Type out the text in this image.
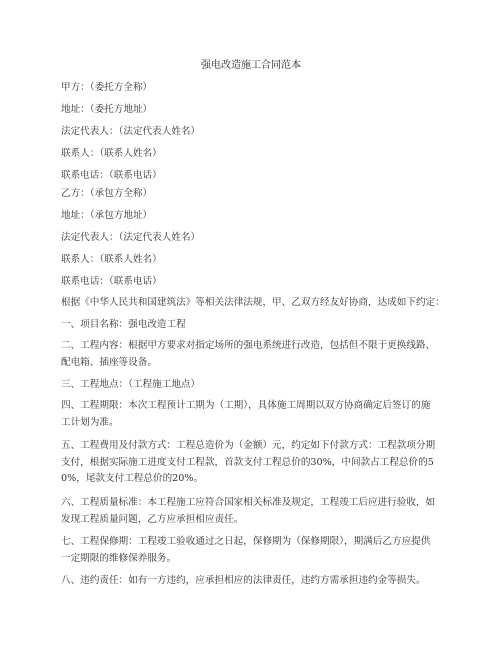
强电改造施工合同范本
甲方：（委托方全称）
地址：（委托方地址）
法定代表人：（法定代表人姓名）
联系人：（联系人姓名）
联系电话：（联系电话）
乙方：（承包方全称）
地址：（承包方地址）
法定代表人：（法定代表人姓名）
联系人：（联系人姓名）
联系电话：（联系电话）
根据《中华人民共和国建筑法》等相关法律法规，甲、乙双方经友好协商，达成如下约定：
一、项目名称：强电改造工程
二、工程内容：根据甲方要求对指定场所的强电系统进行改造，包括但不限于更换线路、配电箱、插座等设备。
三、工程地点：（工程施工地点）
四、工程期限：本次工程预计工期为（工期），具体施工周期以双方协商确定后签订的施工计划为准。
五、工程费用及付款方式：工程总造价为（金额）元，约定如下付款方式：工程款项分期支付，根据实际施工进度支付工程款，首款支付工程总价的30%，中间款占工程总价的50%，尾款支付工程总价的20%。
六、工程质量标准：本工程施工应符合国家相关标准及规定，工程竣工后应进行验收，如发现工程质量问题，乙方应承担相应责任。
七、工程保修期：工程竣工验收通过之日起，保修期为（保修期限），期满后乙方应提供一定期限的维修保养服务。
八、违约责任：如有一方违约，应承担相应的法律责任，违约方需承担违约金等损失。
